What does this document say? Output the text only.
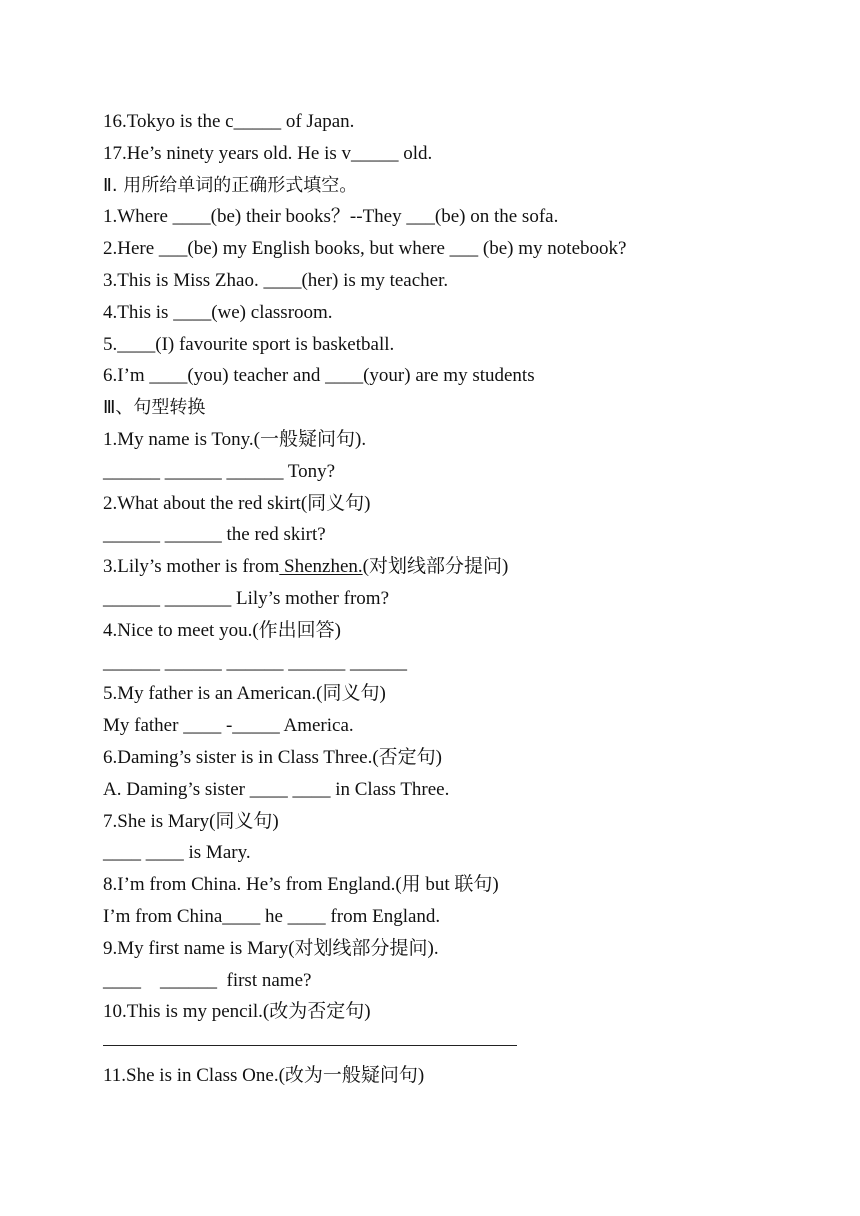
16.Tokyo is the c_____ of Japan.
17.He’s ninety years old. He is v_____ old.
Ⅱ. 用所给单词的正确形式填空。
1.Where ____(be) their books？--They ___(be) on the sofa.
2.Here ___(be) my English books, but where ___ (be) my notebook?
3.This is Miss Zhao. ____(her) is my teacher.
4.This is ____(we) classroom.
5.____(I) favourite sport is basketball.
6.I’m ____(you) teacher and ____(your) are my students
Ⅲ、句型转换
1.My name is Tony.(一般疑问句).
______ ______ ______ Tony?
2.What about the red skirt(同义句)
______ ______ the red skirt?
3.Lily’s mother is from Shenzhen.(对划线部分提问)
______ _______ Lily’s mother from?
4.Nice to meet you.(作出回答)
______ ______ ______ ______ ______
5.My father is an American.(同义句)
My father ____ -_____ America.
6.Daming’s sister is in Class Three.(否定句)
A. Daming’s sister ____ ____ in Class Three.
7.She is Mary(同义句)
____ ____ is Mary.
8.I’m from China. He’s from England.(用 but 联句)
I’m from China____ he ____ from England.
9.My first name is Mary(对划线部分提问).
____    ______  first name?
10.This is my pencil.(改为否定句)
11.She is in Class One.(改为一般疑问句)
